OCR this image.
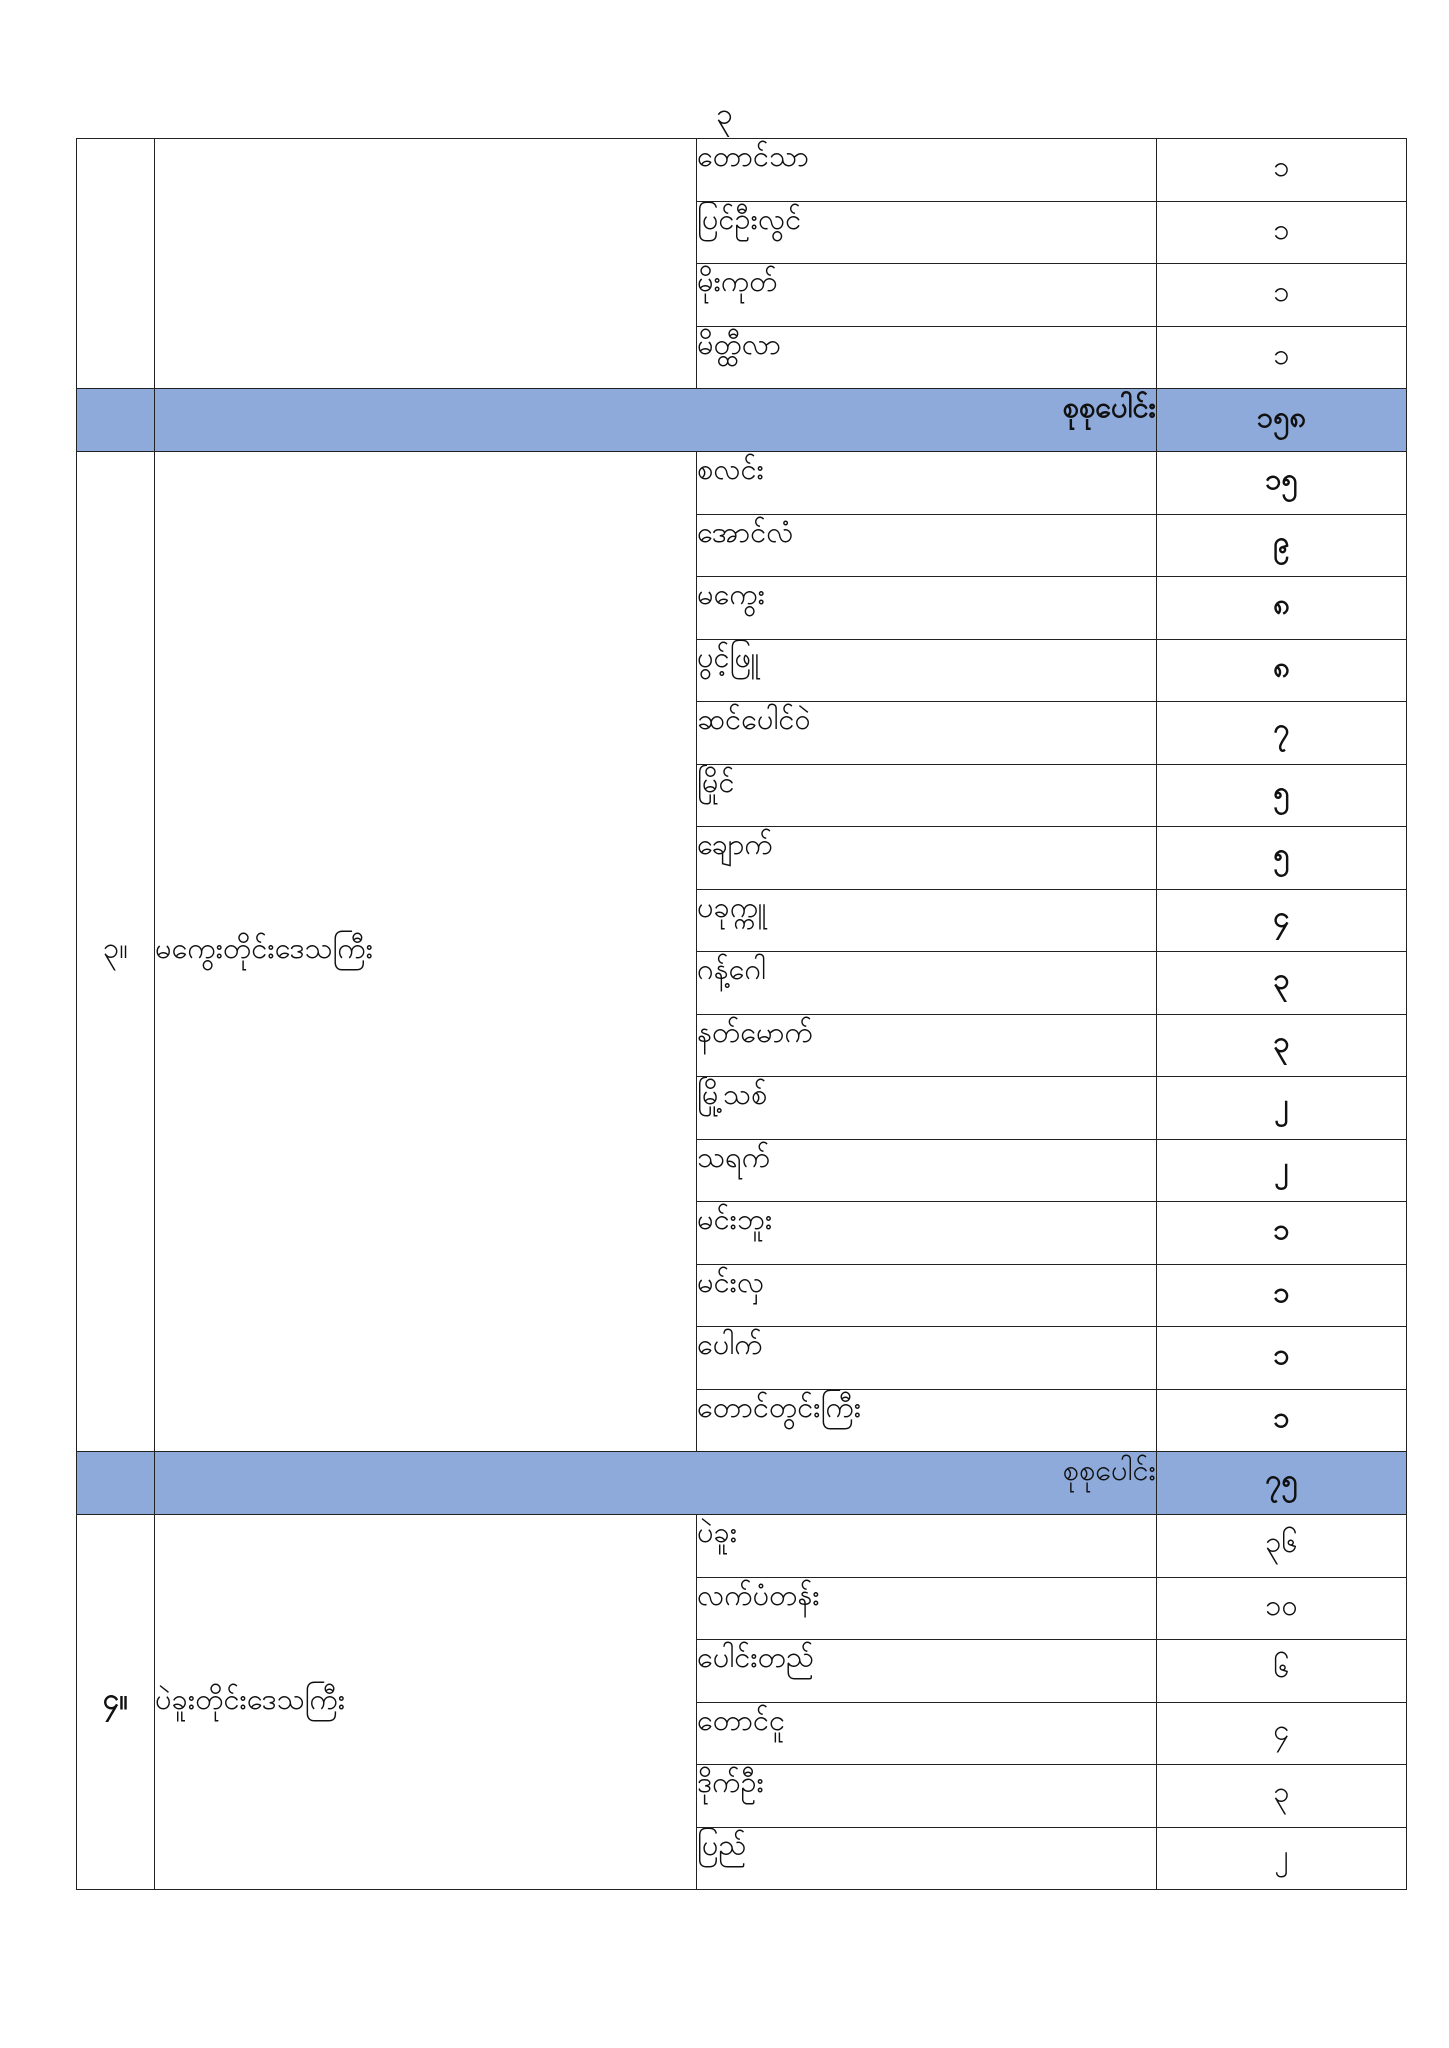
၃
		တောင်သာ	၁
		ပြင်ဦးလွင်	၁
		မိုးကုတ်	၁
		မိတ္ထီလာ	၁
	စုစုပေါင်း		၁၅၈
၃။	မကွေးတိုင်းဒေသကြီး	စလင်း	၁၅
		အောင်လံ	၉
		မကွေး	၈
		ပွင့်ဖြူ	၈
		ဆင်ပေါင်ဝဲ	၇
		မြိုင်	၅
		ချောက်	၅
		ပခုက္ကူ	၄
		ဂန့်ဂေါ	၃
		နတ်မောက်	၃
		မြို့သစ်	၂
		သရက်	၂
		မင်းဘူး	၁
		မင်းလှ	၁
		ပေါက်	၁
		တောင်တွင်းကြီး	၁
	စုစုပေါင်း		၇၅
၄။	ပဲခူးတိုင်းဒေသကြီး	ပဲခူး	၃၆
		လက်ပံတန်း	၁၀
		ပေါင်းတည်	၆
		တောင်ငူ	၄
		ဒိုက်ဦး	၃
		ပြည်	၂
